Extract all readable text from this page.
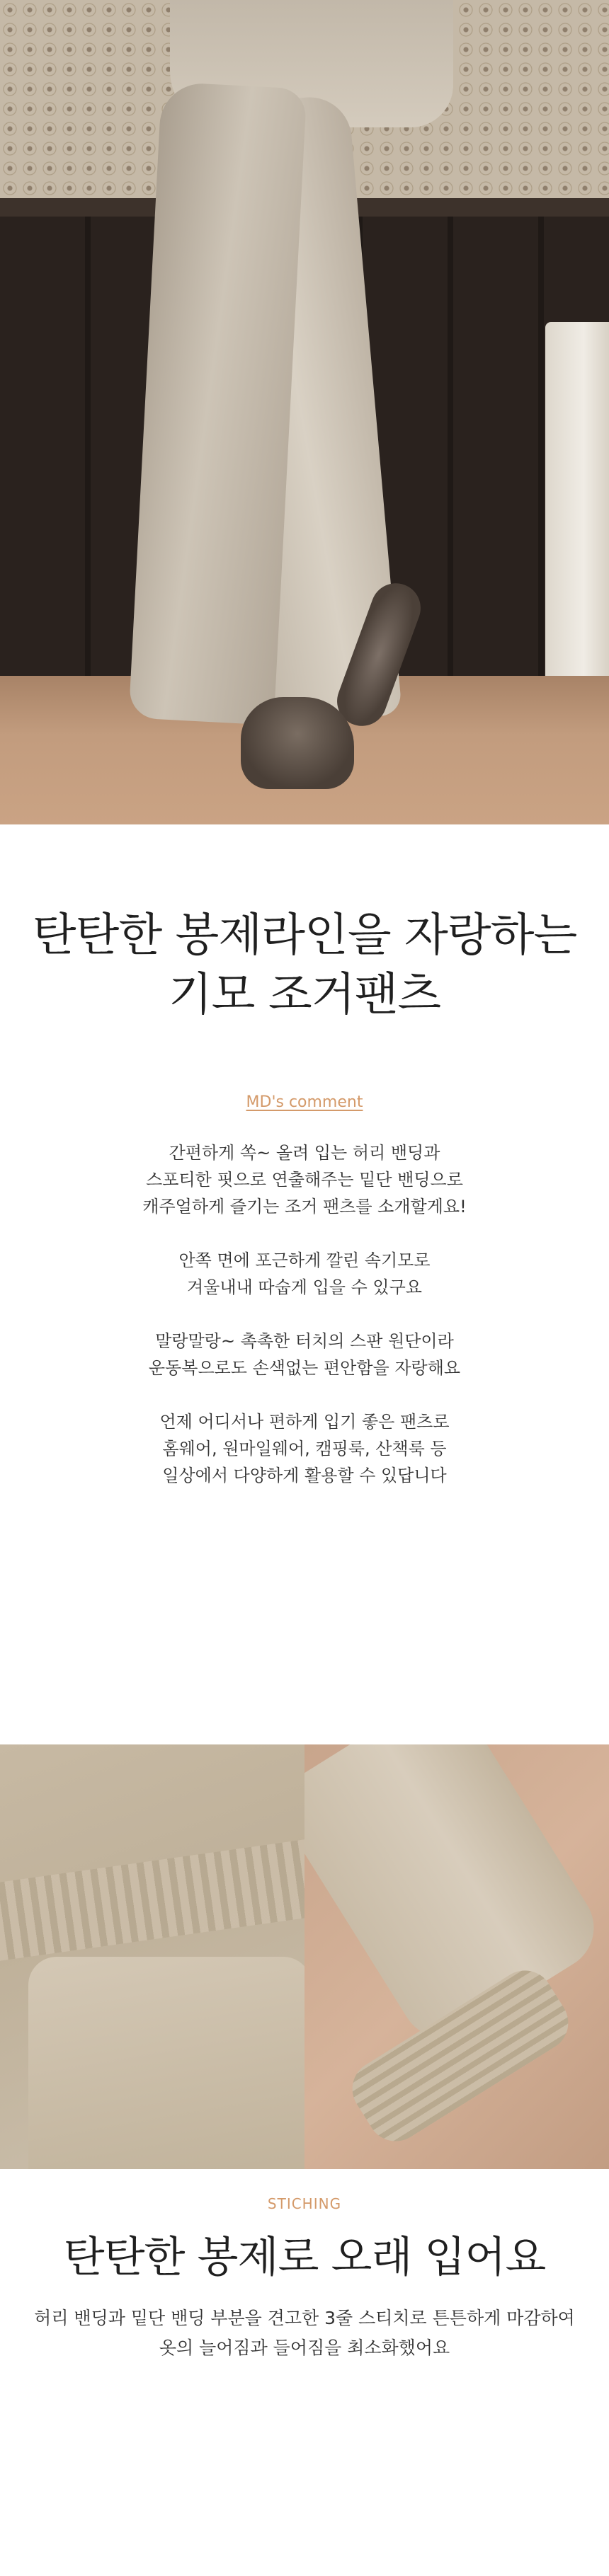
탄탄한 봉제라인을 자랑하는
기모 조거팬츠
MD's comment

간편하게 쏙~ 올려 입는 허리 밴딩과

스포티한 핏으로 연출해주는 밑단 밴딩으로

캐주얼하게 즐기는 조거 팬츠를 소개할게요!

안쪽 면에 포근하게 깔린 속기모로

겨울내내 따숩게 입을 수 있구요

말랑말랑~ 촉촉한 터치의 스판 원단이라

운동복으로도 손색없는 편안함을 자랑해요

언제 어디서나 편하게 입기 좋은 팬츠로

홈웨어, 원마일웨어, 캠핑룩, 산책룩 등

일상에서 다양하게 활용할 수 있답니다

STICHING
탄탄한 봉제로 오래 입어요

허리 밴딩과 밑단 밴딩 부분을 견고한 3줄 스티치로 튼튼하게 마감하여

옷의 늘어짐과 들어짐을 최소화했어요
